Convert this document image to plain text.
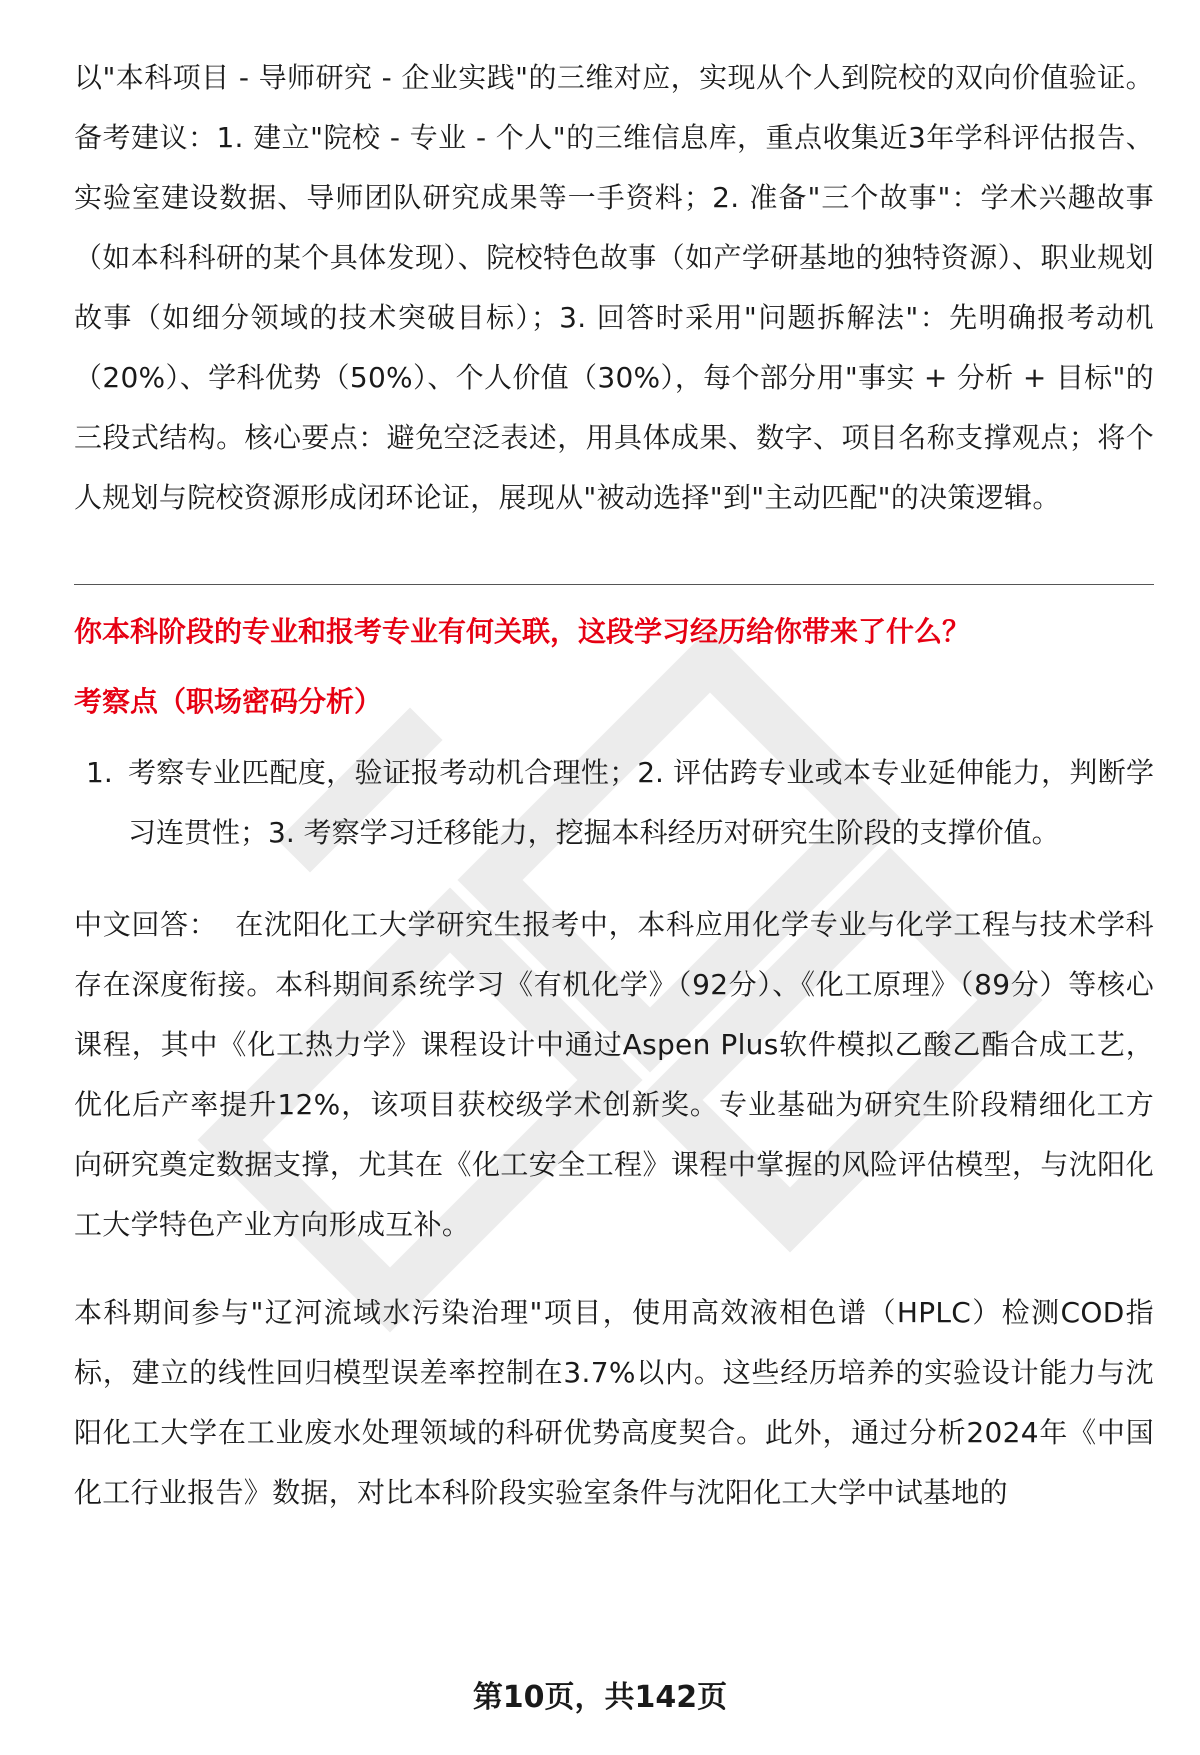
以"本科项目 - 导师研究 - 企业实践"的三维对应，实现从个人到院校的双向价值验证。备考建议：1. 建立"院校 - 专业 - 个人"的三维信息库，重点收集近3年学科评估报告、实验室建设数据、导师团队研究成果等一手资料；2. 准备"三个故事"：学术兴趣故事（如本科科研的某个具体发现）、院校特色故事（如产学研基地的独特资源）、职业规划故事（如细分领域的技术突破目标）；3. 回答时采用"问题拆解法"：先明确报考动机（20%）、学科优势（50%）、个人价值（30%），每个部分用"事实 + 分析 + 目标"的三段式结构。核心要点：避免空泛表述，用具体成果、数字、项目名称支撑观点；将个人规划与院校资源形成闭环论证，展现从"被动选择"到"主动匹配"的决策逻辑。

你本科阶段的专业和报考专业有何关联，这段学习经历给你带来了什么？

考察点（职场密码分析）

1. 考察专业匹配度，验证报考动机合理性；2. 评估跨专业或本专业延伸能力，判断学习连贯性；3. 考察学习迁移能力，挖掘本科经历对研究生阶段的支撑价值。

中文回答： 在沈阳化工大学研究生报考中，本科应用化学专业与化学工程与技术学科存在深度衔接。本科期间系统学习《有机化学》（92分）、《化工原理》（89分）等核心课程，其中《化工热力学》课程设计中通过Aspen Plus软件模拟乙酸乙酯合成工艺，优化后产率提升12%，该项目获校级学术创新奖。专业基础为研究生阶段精细化工方向研究奠定数据支撑，尤其在《化工安全工程》课程中掌握的风险评估模型，与沈阳化工大学特色产业方向形成互补。

本科期间参与"辽河流域水污染治理"项目，使用高效液相色谱（HPLC）检测COD指标，建立的线性回归模型误差率控制在3.7%以内。这些经历培养的实验设计能力与沈阳化工大学在工业废水处理领域的科研优势高度契合。此外，通过分析2024年《中国化工行业报告》数据，对比本科阶段实验室条件与沈阳化工大学中试基地的

第10页，共142页
